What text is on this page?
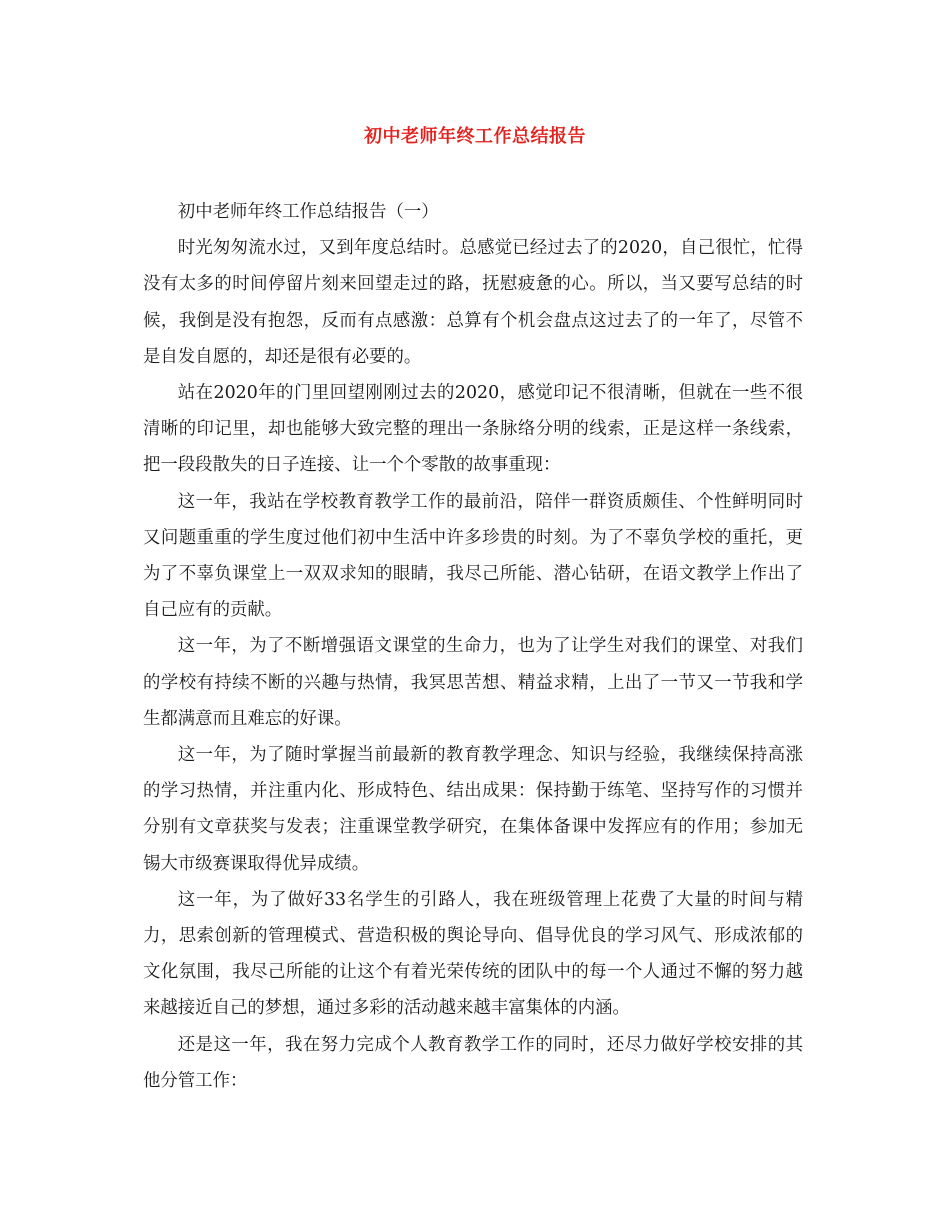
初中老师年终工作总结报告

初中老师年终工作总结报告（一）

时光匆匆流水过，又到年度总结时。总感觉已经过去了的2020，自己很忙，忙得没有太多的时间停留片刻来回望走过的路，抚慰疲惫的心。所以，当又要写总结的时候，我倒是没有抱怨，反而有点感激：总算有个机会盘点这过去了的一年了，尽管不是自发自愿的，却还是很有必要的。

站在2020年的门里回望刚刚过去的2020，感觉印记不很清晰，但就在一些不很清晰的印记里，却也能够大致完整的理出一条脉络分明的线索，正是这样一条线索，把一段段散失的日子连接、让一个个零散的故事重现：

这一年，我站在学校教育教学工作的最前沿，陪伴一群资质颇佳、个性鲜明同时又问题重重的学生度过他们初中生活中许多珍贵的时刻。为了不辜负学校的重托，更为了不辜负课堂上一双双求知的眼睛，我尽己所能、潜心钻研，在语文教学上作出了自己应有的贡献。

这一年，为了不断增强语文课堂的生命力，也为了让学生对我们的课堂、对我们的学校有持续不断的兴趣与热情，我冥思苦想、精益求精，上出了一节又一节我和学生都满意而且难忘的好课。

这一年，为了随时掌握当前最新的教育教学理念、知识与经验，我继续保持高涨的学习热情，并注重内化、形成特色、结出成果：保持勤于练笔、坚持写作的习惯并分别有文章获奖与发表；注重课堂教学研究，在集体备课中发挥应有的作用；参加无锡大市级赛课取得优异成绩。

这一年，为了做好33名学生的引路人，我在班级管理上花费了大量的时间与精力，思索创新的管理模式、营造积极的舆论导向、倡导优良的学习风气、形成浓郁的文化氛围，我尽己所能的让这个有着光荣传统的团队中的每一个人通过不懈的努力越来越接近自己的梦想，通过多彩的活动越来越丰富集体的内涵。

还是这一年，我在努力完成个人教育教学工作的同时，还尽力做好学校安排的其他分管工作：
